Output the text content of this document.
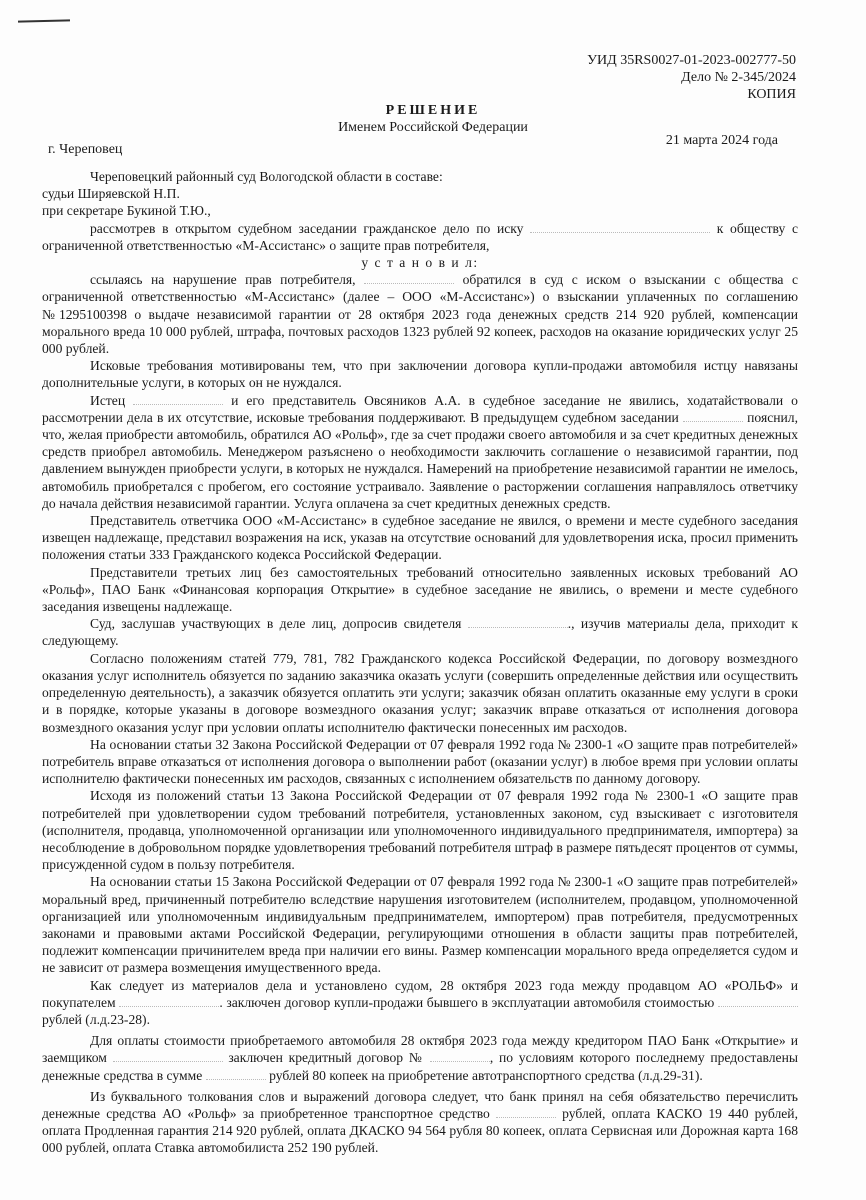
УИД 35RS0027-01-2023-002777-50
Дело № 2-345/2024
КОПИЯ
РЕШЕНИЕ
Именем Российской Федерации
г. Череповец
21 марта 2024 года

Череповецкий районный суд Вологодской области в составе:

судьи Ширяевской Н.П.

при секретаре Букиной Т.Ю.,

рассмотрев в открытом судебном заседании гражданское дело по иску	к обществу с ограниченной ответственностью «М-Ассистанс» о защите прав потребителя,

у с т а н о в и л:

ссылаясь на нарушение прав потребителя,	обратился в суд с иском о взыскании с общества с ограниченной ответственностью «М-Ассистанс» (далее – ООО «М-Ассистанс») о взыскании уплаченных по соглашению №1295100398 о выдаче независимой гарантии от 28 октября 2023 года денежных средств 214 920 рублей, компенсации морального вреда 10 000 рублей, штрафа, почтовых расходов 1323 рублей 92 копеек, расходов на оказание юридических услуг 25 000 рублей.

Исковые требования мотивированы тем, что при заключении договора купли-продажи автомобиля истцу навязаны дополнительные услуги, в которых он не нуждался.

Истец	и его представитель Овсяников А.А. в судебное заседание не явились, ходатайствовали о рассмотрении дела в их отсутствие, исковые требования поддерживают. В предыдущем судебном заседании	пояснил, что, желая приобрести автомобиль, обратился АО «Рольф», где за счет продажи своего автомобиля и за счет кредитных денежных средств приобрел автомобиль. Менеджером разъяснено о необходимости заключить соглашение о независимой гарантии, под давлением вынужден приобрести услуги, в которых не нуждался. Намерений на приобретение независимой гарантии не имелось, автомобиль приобретался с пробегом, его состояние устраивало. Заявление о расторжении соглашения направлялось ответчику до начала действия независимой гарантии. Услуга оплачена за счет кредитных денежных средств.

Представитель ответчика ООО «М-Ассистанс» в судебное заседание не явился, о времени и месте судебного заседания извещен надлежаще, представил возражения на иск, указав на отсутствие оснований для удовлетворения иска, просил применить положения статьи 333 Гражданского кодекса Российской Федерации.

Представители третьих лиц без самостоятельных требований относительно заявленных исковых требований АО «Рольф», ПАО Банк «Финансовая корпорация Открытие» в судебное заседание не явились, о времени и месте судебного заседания извещены надлежаще.

Суд, заслушав участвующих в деле лиц, допросив свидетеля	., изучив материалы дела, приходит к следующему.

Согласно положениям статей 779, 781, 782 Гражданского кодекса Российской Федерации, по договору возмездного оказания услуг исполнитель обязуется по заданию заказчика оказать услуги (совершить определенные действия или осуществить определенную деятельность), а заказчик обязуется оплатить эти услуги; заказчик обязан оплатить оказанные ему услуги в сроки и в порядке, которые указаны в договоре возмездного оказания услуг; заказчик вправе отказаться от исполнения договора возмездного оказания услуг при условии оплаты исполнителю фактически понесенных им расходов.

На основании статьи 32 Закона Российской Федерации от 07 февраля 1992 года № 2300-1 «О защите прав потребителей» потребитель вправе отказаться от исполнения договора о выполнении работ (оказании услуг) в любое время при условии оплаты исполнителю фактически понесенных им расходов, связанных с исполнением обязательств по данному договору.

Исходя из положений статьи 13 Закона Российской Федерации от 07 февраля 1992 года № 2300-1 «О защите прав потребителей при удовлетворении судом требований потребителя, установленных законом, суд взыскивает с изготовителя (исполнителя, продавца, уполномоченной организации или уполномоченного индивидуального предпринимателя, импортера) за несоблюдение в добровольном порядке удовлетворения требований потребителя штраф в размере пятьдесят процентов от суммы, присужденной судом в пользу потребителя.

На основании статьи 15 Закона Российской Федерации от 07 февраля 1992 года № 2300-1 «О защите прав потребителей» моральный вред, причиненный потребителю вследствие нарушения изготовителем (исполнителем, продавцом, уполномоченной организацией или уполномоченным индивидуальным предпринимателем, импортером) прав потребителя, предусмотренных законами и правовыми актами Российской Федерации, регулирующими отношения в области защиты прав потребителей, подлежит компенсации причинителем вреда при наличии его вины. Размер компенсации морального вреда определяется судом и не зависит от размера возмещения имущественного вреда.

Как следует из материалов дела и установлено судом, 28 октября 2023 года между продавцом АО «РОЛЬФ» и покупателем	. заключен договор купли-продажи бывшего в эксплуатации автомобиля стоимостью  рублей (л.д.23-28).

Для оплаты стоимости приобретаемого автомобиля 28 октября 2023 года между кредитором ПАО Банк «Открытие» и заемщиком	заключен кредитный договор №	, по условиям которого последнему предоставлены денежные средства в сумме	рублей 80 копеек на приобретение автотранспортного средства (л.д.29-31).

Из буквального толкования слов и выражений договора следует, что банк принял на себя обязательство перечислить денежные средства АО «Рольф» за приобретенное транспортное средство	рублей, оплата КАСКО 19 440 рублей, оплата Продленная гарантия 214 920 рублей, оплата ДКАСКО 94 564 рубля 80 копеек, оплата Сервисная или Дорожная карта 168 000 рублей, оплата Ставка автомобилиста 252 190 рублей.
